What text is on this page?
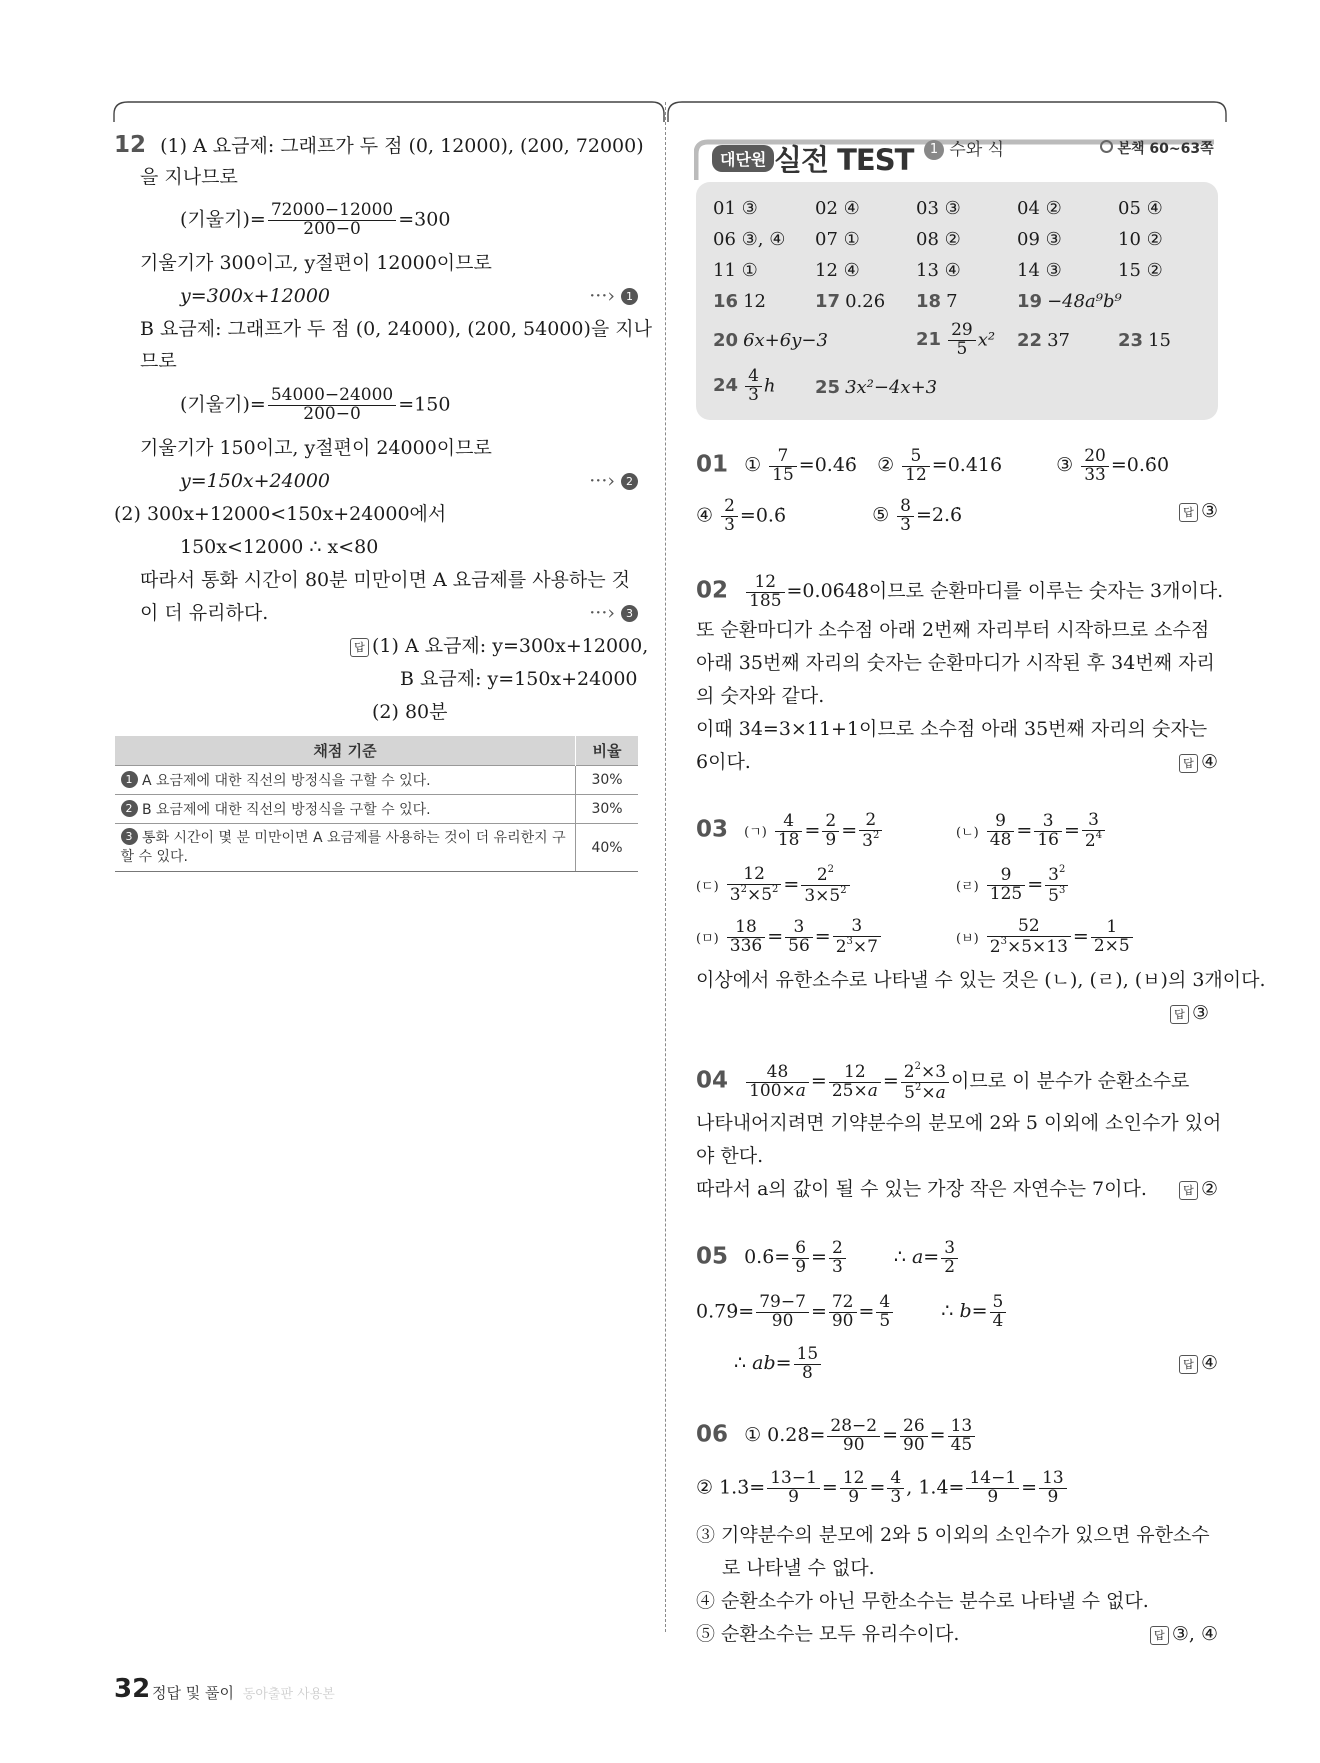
12 (1) A 요금제: 그래프가 두 점 (0, 12000), (200, 72000)
을 지나므로
(기울기)= $\frac{72000-12000}{200-0} =300$
기울기가 300이고, y절편이 12000이므로
y=300x+12000	···› 1
B 요금제: 그래프가 두 점 (0, 24000), (200, 54000)을 지나
므로
(기울기)= $\frac{54000-24000}{200-0} =150$
기울기가 150이고, y절편이 24000이므로
y=150x+24000	···› 2
(2) 300x+12000<150x+24000에서
150x<12000 ∴ x<80
따라서 통화 시간이 80분 미만이면 A 요금제를 사용하는 것
이 더 유리하다.	···› 3
답 (1) A 요금제: y=300x+12000,
B 요금제: y=150x+24000
(2) 80분
채점 기준	비율
1 A 요금제에 대한 직선의 방정식을 구할 수 있다.	30%
2 B 요금제에 대한 직선의 방정식을 구할 수 있다.	30%
3 통화 시간이 몇 분 미만이면 A 요금제를 사용하는 것이 더 유리한지 구할 수 있다.	40%
대단원 실전 TEST	1 수와 식	본책 60~63쪽
01 ③	02 ④	03 ③	04 ②	05 ④
06 ③, ④ 07 ①	08 ②	09 ③	10 ②
11 ①	12 ④	13 ④	14 ③	15 ②
16 12	17 0.26̇ 18 7	19 −48a⁹b⁹
20 6x+6y−3	$21 \frac{29}{5} x^2$ 22 37	23 15
$24 \frac{4}{3}$ h 25 3x²−4x+3
01 ① $\frac{7}{15}$ =0.46̇ ② $\frac{5}{12}$ =0.416̇	③ $\frac{20}{33}$ =0.6̇0̇
④ $\frac{2}{3}$ =0.6̇	⑤ $\frac{8}{3}$ =2.6̇	답 ③
$02 \frac{12}{185}$ =0.06̇48̇이므로 순환마디를 이루는 숫자는 3개이다.
또 순환마디가 소수점 아래 2번째 자리부터 시작하므로 소수점
아래 35번째 자리의 숫자는 순환마디가 시작된 후 34번째 자리
의 숫자와 같다.
이때 34=3×11+1이므로 소수점 아래 35번째 자리의 숫자는
6이다.	답 ④
03 (ㄱ) $\frac{4}{18} = \frac{2}{9} = \frac{2}{3^2}$	(ㄴ) $\frac{9}{48} = \frac{3}{16} = \frac{3}{2^4}$
(ㄷ) $\frac{12}{3^2\times 5^2} = \frac{2^2}{3\times 5^2}$	(ㄹ) $\frac{9}{125} = \frac{3^2}{5^3}$
(ㅁ) $\frac{18}{336} = \frac{3}{56} = \frac{3}{2^3\times 7}$	(ㅂ) $\frac{52}{2^3\times 5\times 13} = \frac{1}{2\times 5}$
이상에서 유한소수로 나타낼 수 있는 것은 (ㄴ), (ㄹ), (ㅂ)의 3개이다.
답 ③
$04 \frac{48}{100\times a} = \frac{12}{25\times a} = \frac{2^2\times 3}{5^2\times a}$ 이므로 이 분수가 순환소수로
나타내어지려면 기약분수의 분모에 2와 5 이외에 소인수가 있어
야 한다.
따라서 a의 값이 될 수 있는 가장 작은 자연수는 7이다.	답 ②
05 0.6̇= $\frac{6}{9} = \frac{2}{3}$	∴ $a= \frac{3}{2}$
0.79̇= $\frac{79-7}{90} = \frac{72}{90} = \frac{4}{5}$	∴ $b= \frac{5}{4}$
∴ $ab= \frac{15}{8}$	답 ④
06 ① 0.28̇= $\frac{28-2}{90} = \frac{26}{90} = \frac{13}{45}$
② 1.3̇= $\frac{13-1}{9} = \frac{12}{9} = \frac{4}{3}$ , 1.4̇= $\frac{14-1}{9} = \frac{13}{9}$
③ 기약분수의 분모에 2와 5 이외의 소인수가 있으면 유한소수
로 나타낼 수 없다.
④ 순환소수가 아닌 무한소수는 분수로 나타낼 수 없다.
⑤ 순환소수는 모두 유리수이다.	답 ③, ④
32 정답 및 풀이 동아출판 사용본
